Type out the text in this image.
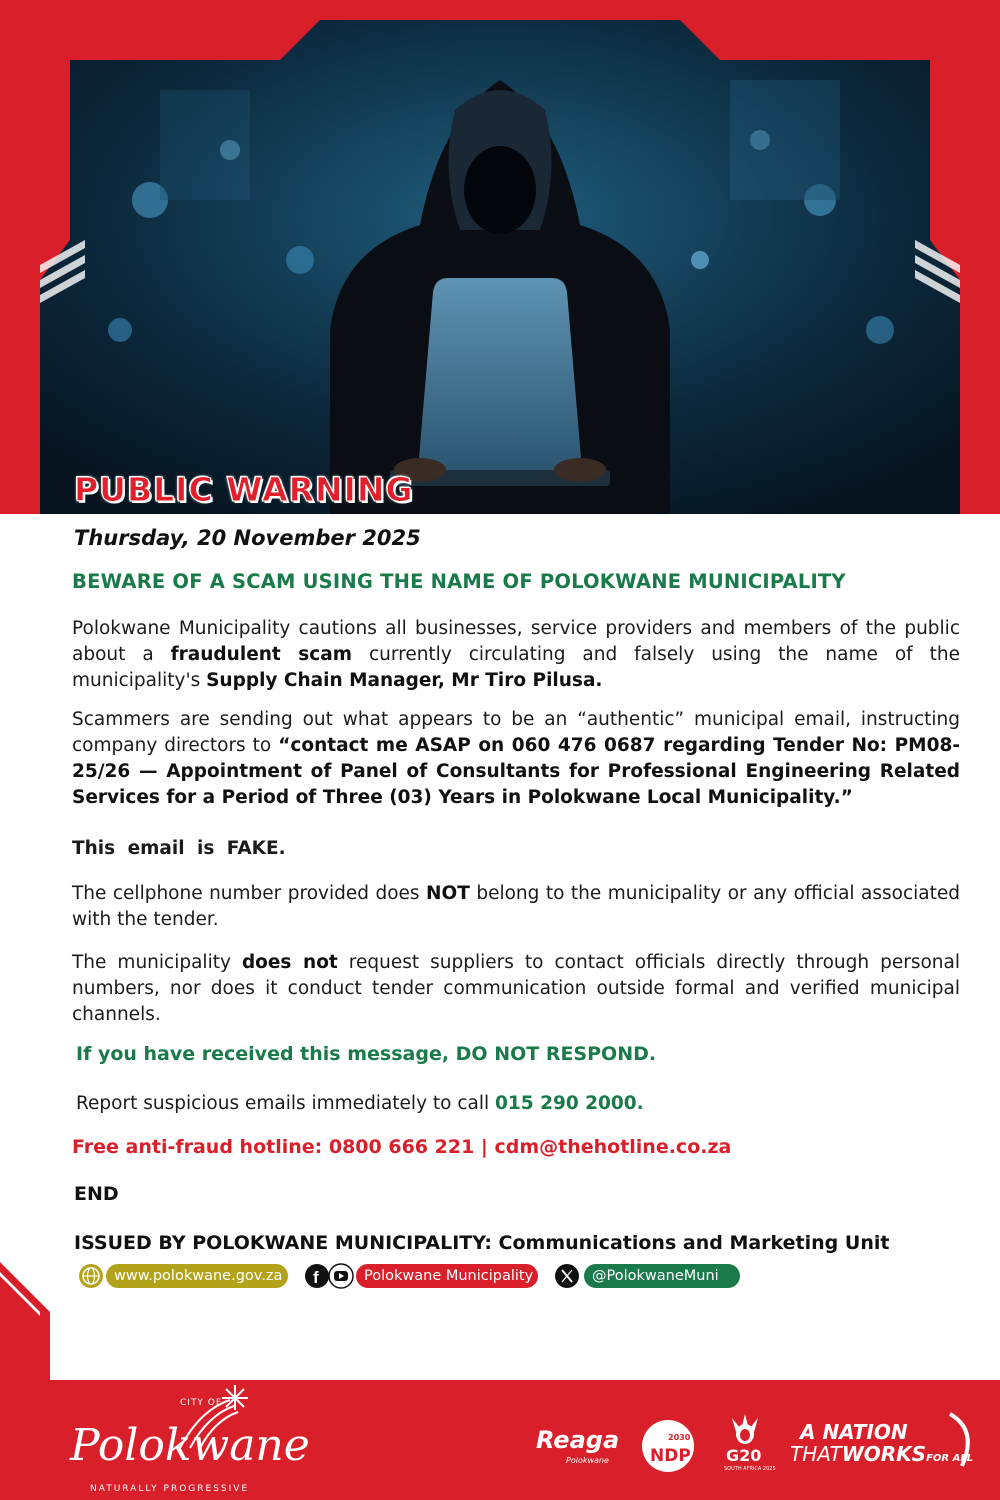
PUBLIC WARNING
Thursday, 20 November 2025
BEWARE OF A SCAM USING THE NAME OF POLOKWANE MUNICIPALITY
Polokwane Municipality cautions all businesses, service providers and members of the public about a fraudulent scam currently circulating and falsely using the name of the municipality's Supply Chain Manager, Mr Tiro Pilusa.
Scammers are sending out what appears to be an “authentic” municipal email, instructing company directors to “contact me ASAP on 060 476 0687 regarding Tender No: PM08-25/26 — Appointment of Panel of Consultants for Professional Engineering Related Services for a Period of Three (03) Years in Polokwane Local Municipality.”
This email is FAKE.
The cellphone number provided does NOT belong to the municipality or any official associated with the tender.
The municipality does not request suppliers to contact officials directly through personal numbers, nor does it conduct tender communication outside formal and verified municipal channels.
If you have received this message, DO NOT RESPOND.
Report suspicious emails immediately to call 015 290 2000.
Free anti-fraud hotline: 0800 666 221 | cdm@thehotline.co.za
END
ISSUED BY POLOKWANE MUNICIPALITY: Communications and Marketing Unit
www.polokwane.gov.za	f	Polokwane Municipality	@PolokwaneMuni
CITY OF
Polokwane
NATURALLY PROGRESSIVE
Reaga
Polokwane
2030
NDP G20
SOUTH AFRICA 2025
A NATION
THATWORKSFOR ALL
